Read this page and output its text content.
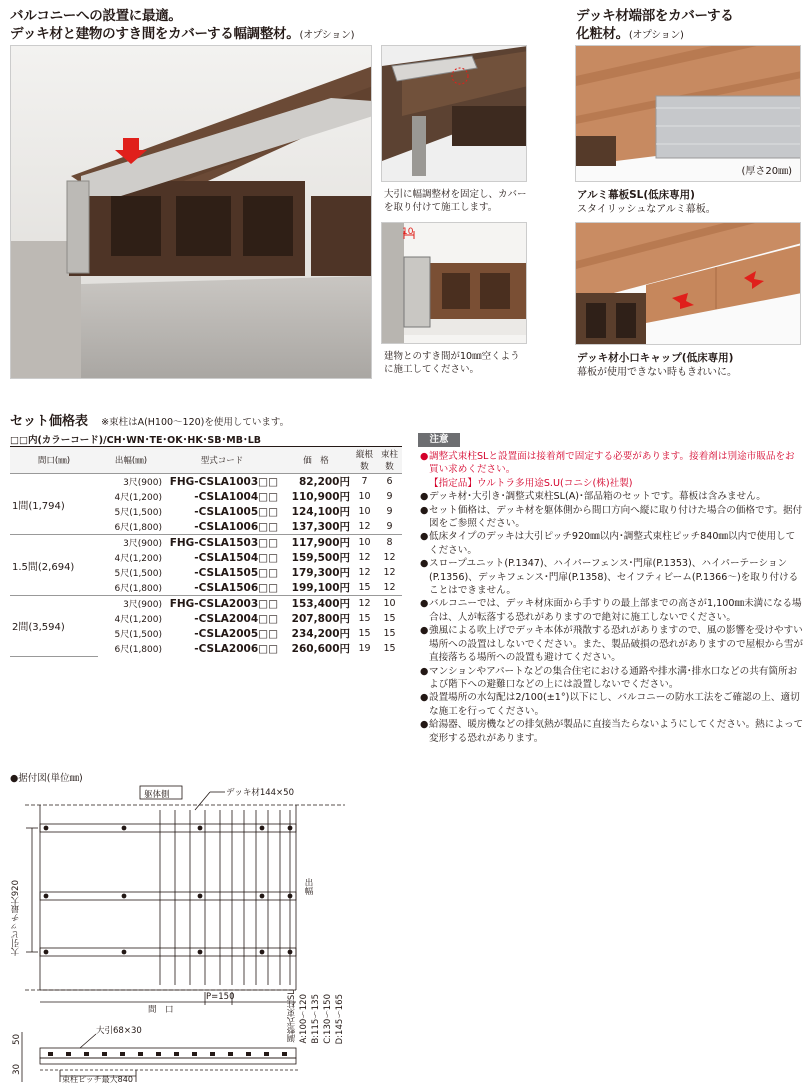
バルコニーへの設置に最適。
デッキ材と建物のすき間をカバーする幅調整材。(オプション)
大引に幅調整材を固定し、カバーを取り付けて施工します。
10
建物とのすき間が10㎜空くように施工してください。
デッキ材端部をカバーする
化粧材。(オプション)
(厚さ20㎜)
アルミ幕板SL(低床専用)
スタイリッシュなアルミ幕板。
デッキ材小口キャップ(低床専用)
幕板が使用できない時もきれいに。
セット価格表 ※束柱はA(H100～120)を使用しています。
□□内(カラーコード)/CH･WN･TE･OK･HK･SB･MB･LB
間口(㎜)	出幅(㎜)	型式コード	価　格	縦根数	束柱数
1間(1,794)	3尺(900)	FHG-CSLA1003□□	82,200円	7	6
	4尺(1,200)	-CSLA1004□□	110,900円	10	9
	5尺(1,500)	-CSLA1005□□	124,100円	10	9
	6尺(1,800)	-CSLA1006□□	137,300円	12	9
1.5間(2,694)	3尺(900)	FHG-CSLA1503□□	117,900円	10	8
	4尺(1,200)	-CSLA1504□□	159,500円	12	12
	5尺(1,500)	-CSLA1505□□	179,300円	12	12
	6尺(1,800)	-CSLA1506□□	199,100円	15	12
2間(3,594)	3尺(900)	FHG-CSLA2003□□	153,400円	12	10
	4尺(1,200)	-CSLA2004□□	207,800円	15	15
	5尺(1,500)	-CSLA2005□□	234,200円	15	15
	6尺(1,800)	-CSLA2006□□	260,600円	19	15
注意
● 調整式束柱SLと設置面は接着剤で固定する必要があります。接着剤は別途市販品をお買い求めください。
【指定品】ウルトラ多用途S.U(コニシ(株)社製)
● デッキ材･大引き･調整式束柱SL(A)･部品箱のセットです。幕板は含みません。
● セット価格は、デッキ材を躯体側から間口方向へ縦に取り付けた場合の価格です。据付図をご参照ください。
● 低床タイプのデッキは大引ピッチ920㎜以内･調整式束柱ピッチ840㎜以内で使用してください。
● スロープユニット(P.1347)、ハイパーフェンス･門扉(P.1353)、ハイパーテーション(P.1356)、デッキフェンス･門扉(P.1358)、セイフティビーム(P.1366～)を取り付けることはできません。
● バルコニーでは、デッキ材床面から手すりの最上部までの高さが1,100㎜未満になる場合は、人が転落する恐れがありますので絶対に施工しないでください。
● 強風による吹上げでデッキ本体が飛散する恐れがありますので、風の影響を受けやすい場所への設置はしないでください。また、製品破損の恐れがありますので屋根から雪が直接落ちる場所への設置も避けてください。
● マンションやアパートなどの集合住宅における通路や排水溝･排水口などの共有箇所および階下への避難口などの上には設置しないでください。
● 設置場所の水勾配は2/100(±1°)以下にし、バルコニーの防水工法をご確認の上、適切な施工を行ってください。
● 給湯器、暖房機などの排気熱が製品に直接当たらないようにしてください。熱によって変形する恐れがあります。
●据付図(単位㎜)
躯体側	デッキ材144×50
出幅
大引ピッチ最大920
P=150
間　口	調整式束柱SL A:100～120 B:115～135 C:130～150 D:145～165
大引68×30
束柱ピッチ最大840
50
30
